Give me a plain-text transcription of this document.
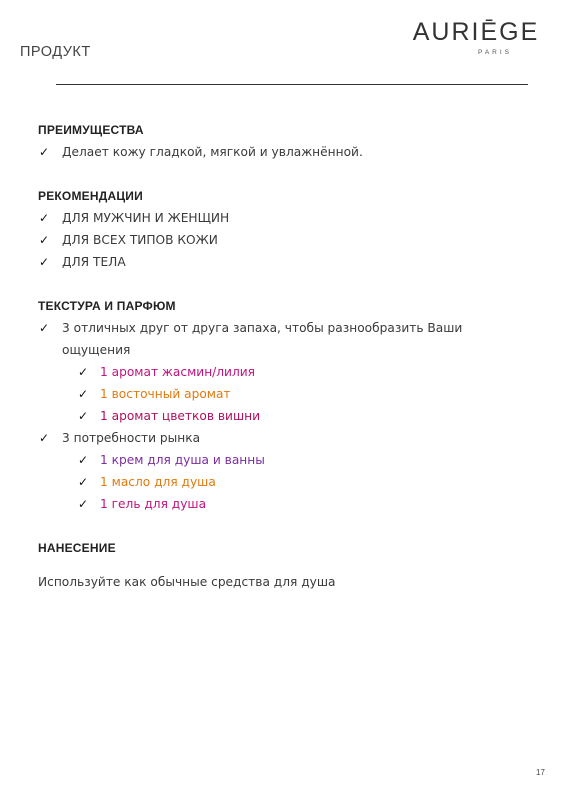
ПРОДУКТ
AURIĒGE
PARIS
ПРЕИМУЩЕСТВА
✓ Делает кожу гладкой, мягкой и увлажнённой.
РЕКОМЕНДАЦИИ
✓ ДЛЯ МУЖЧИН И ЖЕНЩИН
✓ ДЛЯ ВСЕХ ТИПОВ КОЖИ
✓ ДЛЯ ТЕЛА
ТЕКСТУРА И ПАРФЮМ
✓ 3 отличных друг от друга запаха, чтобы разнообразить Ваши
ощущения
✓ 1 аромат жасмин/лилия
✓ 1 восточный аромат
✓ 1 аромат цветков вишни
✓ 3 потребности рынка
✓ 1 крем для душа и ванны
✓ 1 масло для душа
✓ 1 гель для душа
НАНЕСЕНИЕ
Используйте как обычные средства для душа
17
